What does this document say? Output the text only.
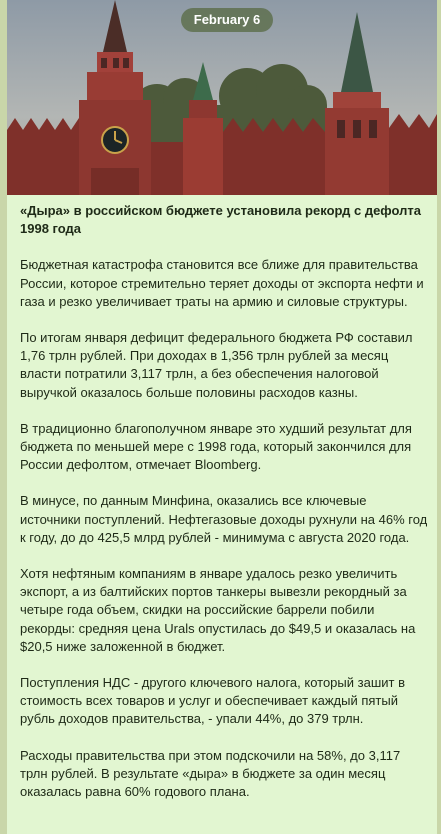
February 6

«Дыра» в российском бюджете установила рекорд с дефолта 1998 года

Бюджетная катастрофа становится все ближе для правительства России, которое стремительно теряет доходы от экспорта нефти и газа и резко увеличивает траты на армию и силовые структуры.

По итогам января дефицит федерального бюджета РФ составил 1,76 трлн рублей. При доходах в 1,356 трлн рублей за месяц власти потратили 3,117 трлн, а без обеспечения налоговой выручкой оказалось больше половины расходов казны.

В традиционно благополучном январе это худший результат для бюджета по меньшей мере с 1998 года, который закончился для России дефолтом, отмечает Bloomberg.

В минусе, по данным Минфина, оказались все ключевые источники поступлений. Нефтегазовые доходы рухнули на 46% год к году, до до 425,5 млрд рублей - минимума с августа 2020 года.

Хотя нефтяным компаниям в январе удалось резко увеличить экспорт, а из балтийских портов танкеры вывезли рекордный за четыре года объем, скидки на российские баррели побили рекорды: средняя цена Urals опустилась до $49,5 и оказалась на $20,5 ниже заложенной в бюджет.

Поступления НДС - другого ключевого налога, который зашит в стоимость всех товаров и услуг и обеспечивает каждый пятый рубль доходов правительства, - упали 44%, до 379 трлн.

Расходы правительства при этом подскочили на 58%, до 3,117 трлн рублей. В результате «дыра» в бюджете за один месяц оказалась равна 60% годового плана.
